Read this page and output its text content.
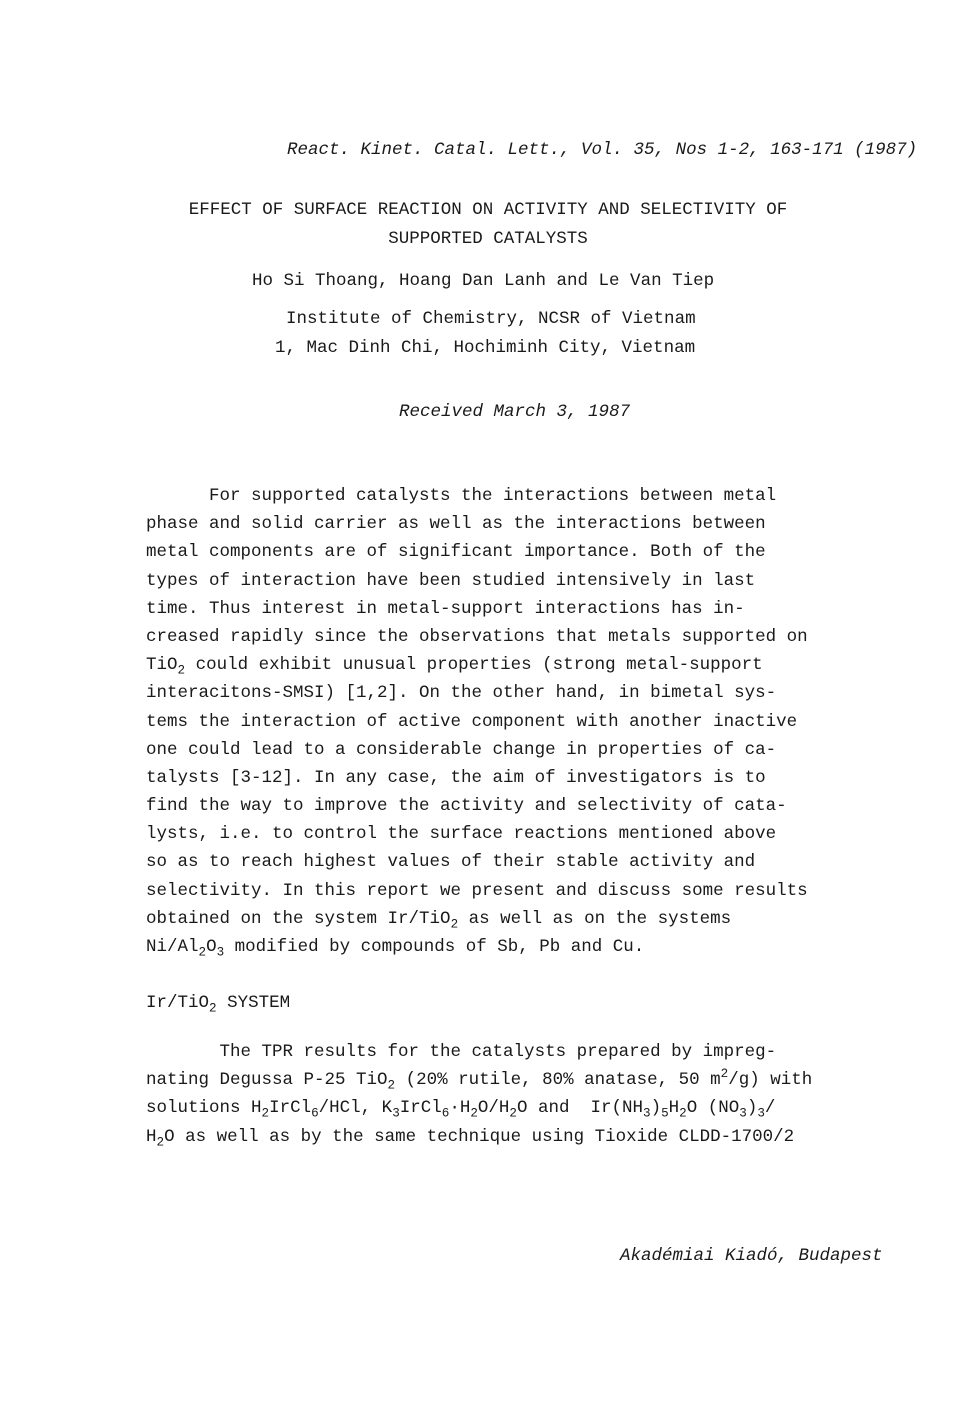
React. Kinet. Catal. Lett., Vol. 35, Nos 1-2, 163-171 (1987)
EFFECT OF SURFACE REACTION ON ACTIVITY AND SELECTIVITY OF
SUPPORTED CATALYSTS
Ho Si Thoang, Hoang Dan Lanh and Le Van Tiep
Institute of Chemistry, NCSR of Vietnam
1, Mac Dinh Chi, Hochiminh City, Vietnam
Received March 3, 1987
For supported catalysts the interactions between metal
phase and solid carrier as well as the interactions between
metal components are of significant importance. Both of the
types of interaction have been studied intensively in last
time. Thus interest in metal-support interactions has in-
creased rapidly since the observations that metals supported on
TiO$_2$ could exhibit unusual properties (strong metal-support
interacitons-SMSI) [1,2]. On the other hand, in bimetal sys-
tems the interaction of active component with another inactive
one could lead to a considerable change in properties of ca-
talysts [3-12]. In any case, the aim of investigators is to
find the way to improve the activity and selectivity of cata-
lysts, i.e. to control the surface reactions mentioned above
so as to reach highest values of their stable activity and
selectivity. In this report we present and discuss some results
obtained on the system Ir/TiO$_2$ as well as on the systems
$Ni/Al_2O_3$ modified by compounds of Sb, Pb and Cu.
Ir/TiO$_2$ SYSTEM
The TPR results for the catalysts prepared by impreg-
nating Degussa P-25 TiO$_2$ (20% rutile, 80% anatase, 50 $m^2/g$) with
solutions $H_2IrCl_6$/HCl, $K_3IrCl_6\cdot H_2O/H_2O$ and  $Ir(NH_3)_5H_2O$ $(NO_3)_3/$
$H_2O$ as well as by the same technique using Tioxide CLDD-1700/2
Akadémiai Kiadó, Budapest
